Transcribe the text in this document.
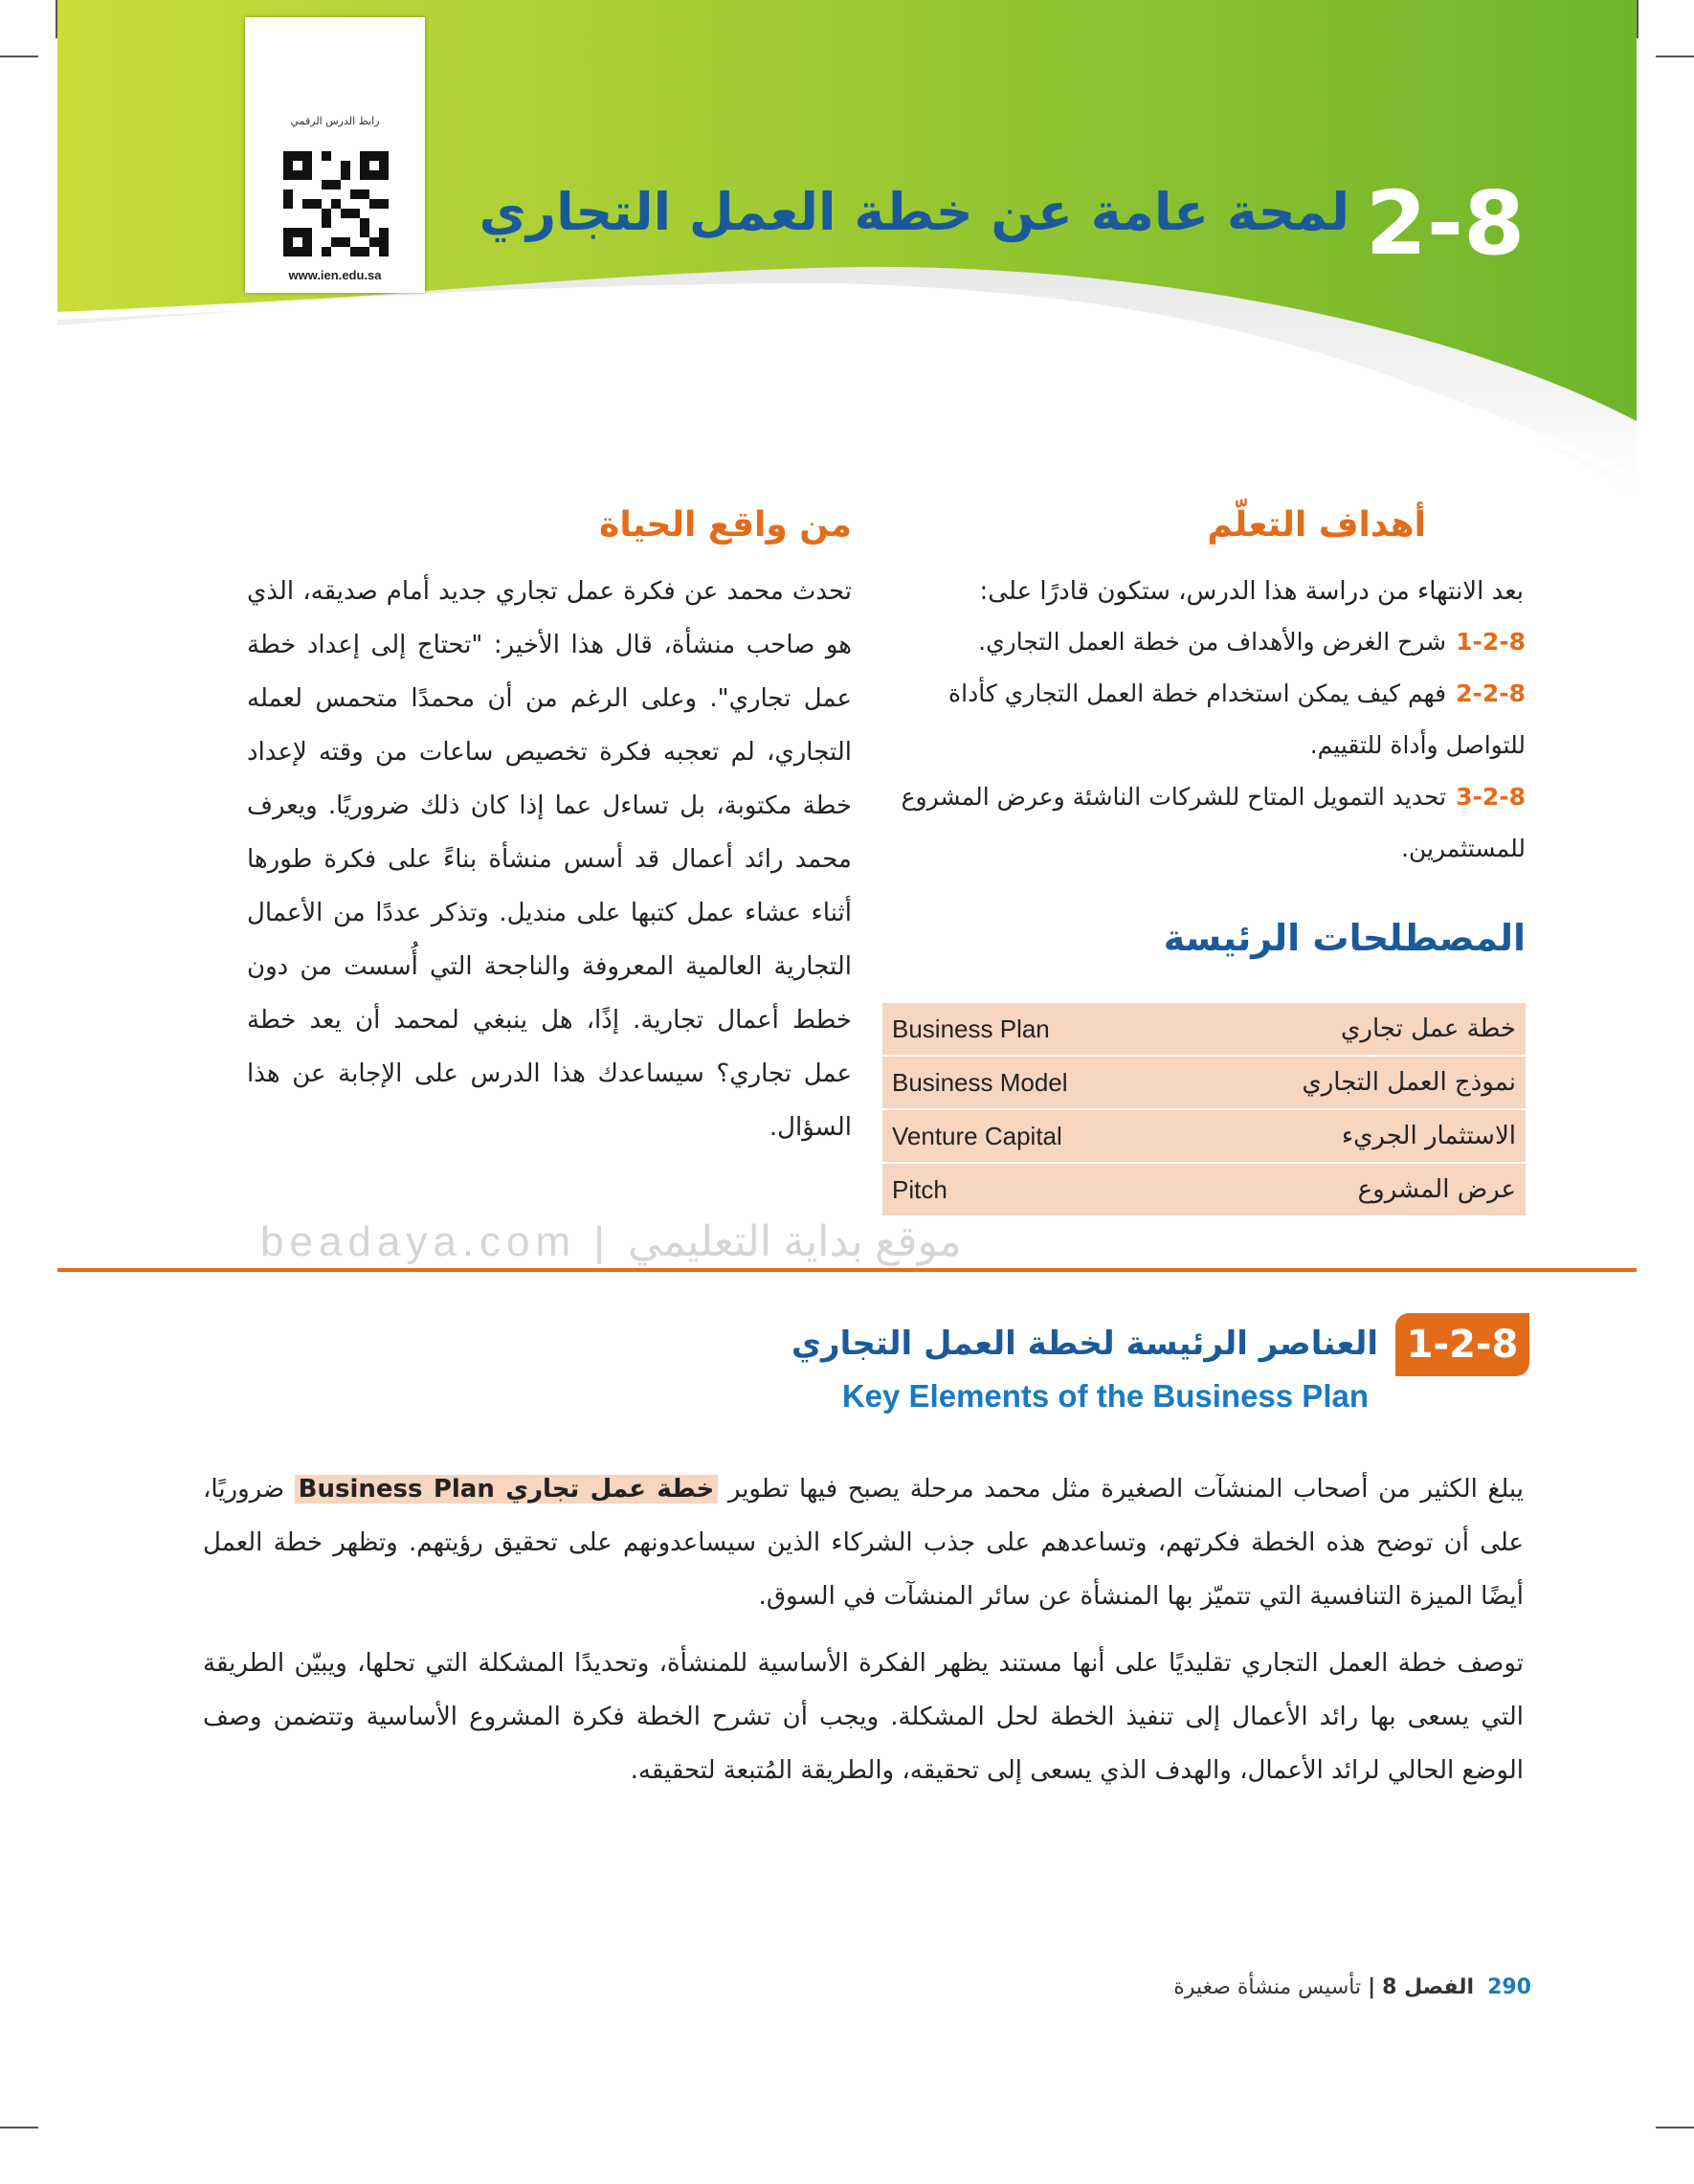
رابط الدرس الرقمي
www.ien.edu.sa
2-8
لمحة عامة عن خطة العمل التجاري
أهداف التعلّم
بعد الانتهاء من دراسة هذا الدرس، ستكون قادرًا على:
1-2-8شرح الغرض والأهداف من خطة العمل التجاري.
2-2-8فهم كيف يمكن استخدام خطة العمل التجاري كأداة للتواصل وأداة للتقييم.
3-2-8تحديد التمويل المتاح للشركات الناشئة وعرض المشروع للمستثمرين.
المصطلحات الرئيسة
Business Plan	خطة عمل تجاري
Business Model	نموذج العمل التجاري
Venture Capital	الاستثمار الجريء
Pitch	عرض المشروع
من واقع الحياة
تحدث محمد عن فكرة عمل تجاري جديد أمام صديقه، الذي هو صاحب منشأة، قال هذا الأخير: "تحتاج إلى إعداد خطة عمل تجاري". وعلى الرغم من أن محمدًا متحمس لعمله التجاري، لم تعجبه فكرة تخصيص ساعات من وقته لإعداد خطة مكتوبة، بل تساءل عما إذا كان ذلك ضروريًا. ويعرف محمد رائد أعمال قد أسس منشأة بناءً على فكرة طورها أثناء عشاء عمل كتبها على منديل. وتذكر عددًا من الأعمال التجارية العالمية المعروفة والناجحة التي أُسست من دون خطط أعمال تجارية. إذًا، هل ينبغي لمحمد أن يعد خطة عمل تجاري؟ سيساعدك هذا الدرس على الإجابة عن هذا السؤال.
beadaya.com | موقع بداية التعليمي
1-2-8
العناصر الرئيسة لخطة العمل التجاري
Key Elements of the Business Plan
يبلغ الكثير من أصحاب المنشآت الصغيرة مثل محمد مرحلة يصبح فيها تطوير خطة عمل تجاري Business Plan ضروريًا، على أن توضح هذه الخطة فكرتهم، وتساعدهم على جذب الشركاء الذين سيساعدونهم على تحقيق رؤيتهم. وتظهر خطة العمل أيضًا الميزة التنافسية التي تتميّز بها المنشأة عن سائر المنشآت في السوق.
توصف خطة العمل التجاري تقليديًا على أنها مستند يظهر الفكرة الأساسية للمنشأة، وتحديدًا المشكلة التي تحلها، ويبيّن الطريقة التي يسعى بها رائد الأعمال إلى تنفيذ الخطة لحل المشكلة. ويجب أن تشرح الخطة فكرة المشروع الأساسية وتتضمن وصف الوضع الحالي لرائد الأعمال، والهدف الذي يسعى إلى تحقيقه، والطريقة المُتبعة لتحقيقه.
290  الفصل 8 | تأسيس منشأة صغيرة
